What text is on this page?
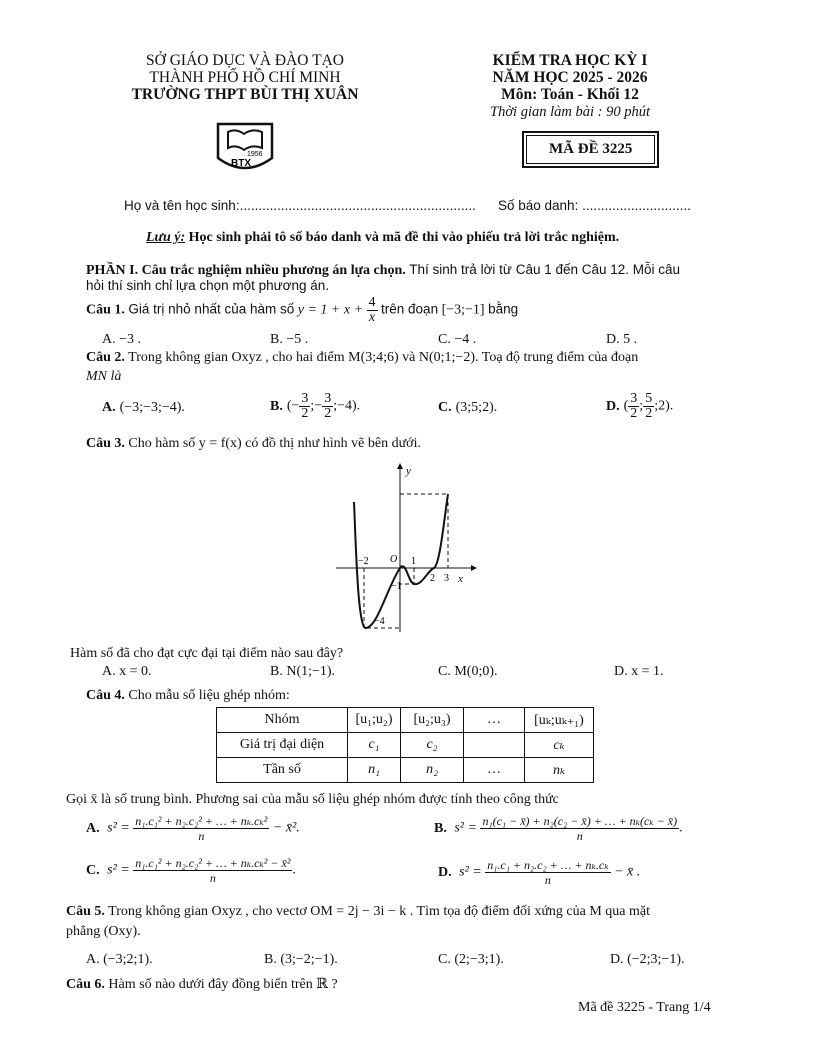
SỞ GIÁO DỤC VÀ ĐÀO TẠO
THÀNH PHỐ HỒ CHÍ MINH
TRƯỜNG THPT BÙI THỊ XUÂN
1956
BTX
KIỂM TRA HỌC KỲ I
NĂM HỌC 2025 - 2026
Môn: Toán - Khối 12
Thời gian làm bài : 90 phút
MÃ ĐỀ 3225
Họ và tên học sinh:............................................................... Số báo danh: .............................
Lưu ý: Học sinh phải tô số báo danh và mã đề thi vào phiếu trả lời trắc nghiệm.
PHẦN I. Câu trắc nghiệm nhiều phương án lựa chọn. Thí sinh trả lời từ Câu 1 đến Câu 12. Mỗi câu
hỏi thí sinh chỉ lựa chọn một phương án.
Câu 1. Giá trị nhỏ nhất của hàm số $y = 1 + x + \frac{4}{x}$ trên đoạn [−3;−1] bằng
A. −3 .	B. −5 .	C. −4 .	D. 5 .
Câu 2. Trong không gian Oxyz , cho hai điểm M(3;4;6) và N(0;1;−2). Toạ độ trung điểm của đoạn
MN là
A. (−3;−3;−4).	B. (− $\frac{3}{2}$ ;− $\frac{3}{2}$ ;−4).	C. (3;5;2).	D. ( $\frac{3}{2}$ ; $\frac{5}{2}$ ;2).
Câu 3. Cho hàm số y = f(x) có đồ thị như hình vẽ bên dưới.
y
x
O
−2	1
2 3
−1
−4
Hàm số đã cho đạt cực đại tại điểm nào sau đây?
A. x = 0.	B. N(1;−1).	C. M(0;0).	D. x = 1.
Câu 4. Cho mẫu số liệu ghép nhóm:
Nhóm	[u₁;u₂)	[u₂;u₃)	…	[uₖ;uₖ₊₁)
Giá trị đại diện	c₁	c₂		cₖ
Tần số	n₁	n₂	…	nₖ
Gọi x̄ là số trung bình. Phương sai của mẫu số liệu ghép nhóm được tính theo công thức
A. $s^2 = \frac{\text{n₁.c₁² + n₂.c₂² + … + nₖ.cₖ²}}{n}$ − x̄².	B. $s^2 = \frac{\text{n₁(c₁ − x̄) + n₂(c₂ − x̄) + … + nₖ(cₖ − x̄)}}{n}$ .
C. $s^2 = \frac{\text{n₁.c₁² + n₂.c₂² + … + nₖ.cₖ² − x̄²}}{n}$ .	D. $s^2 = \frac{\text{n₁.c₁ + n₂.c₂ + … + nₖ.cₖ}}{n}$ − x̄ .
Câu 5. Trong không gian Oxyz , cho vectơ OM = 2j − 3i − k . Tìm tọa độ điểm đối xứng của M qua mặt
phẳng (Oxy).
A. (−3;2;1).	B. (3;−2;−1).	C. (2;−3;1).	D. (−2;3;−1).
Câu 6. Hàm số nào dưới đây đồng biến trên ℝ ?
Mã đề 3225 - Trang 1/4
